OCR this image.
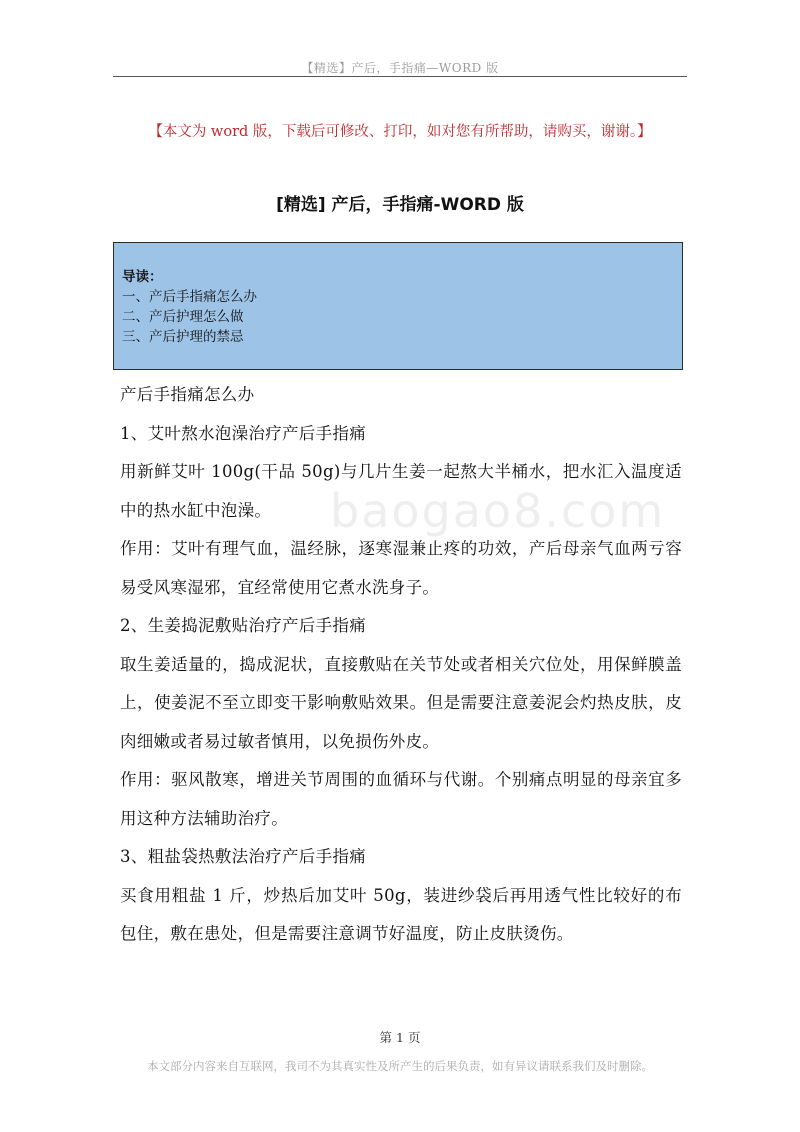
【精选】产后，手指痛—WORD 版
【本文为 word 版，下载后可修改、打印，如对您有所帮助，请购买，谢谢。】
[精选] 产后，手指痛-WORD 版
导读：
一、产后手指痛怎么办
二、产后护理怎么做
三、产后护理的禁忌
baogao8.com

产后手指痛怎么办

1、艾叶熬水泡澡治疗产后手指痛

用新鲜艾叶 100g(干品 50g)与几片生姜一起熬大半桶水，把水汇入温度适中的热水缸中泡澡。

作用：艾叶有理气血，温经脉，逐寒湿兼止疼的功效，产后母亲气血两亏容易受风寒湿邪，宜经常使用它煮水洗身子。

2、生姜捣泥敷贴治疗产后手指痛

取生姜适量的，捣成泥状，直接敷贴在关节处或者相关穴位处，用保鲜膜盖上，使姜泥不至立即变干影响敷贴效果。但是需要注意姜泥会灼热皮肤，皮肉细嫩或者易过敏者慎用，以免损伤外皮。

作用：驱风散寒，增进关节周围的血循环与代谢。个别痛点明显的母亲宜多用这种方法辅助治疗。

3、粗盐袋热敷法治疗产后手指痛

买食用粗盐 1 斤，炒热后加艾叶 50g，装进纱袋后再用透气性比较好的布包住，敷在患处，但是需要注意调节好温度，防止皮肤烫伤。

第 1 页
本文部分内容来自互联网，我司不为其真实性及所产生的后果负责，如有异议请联系我们及时删除。
